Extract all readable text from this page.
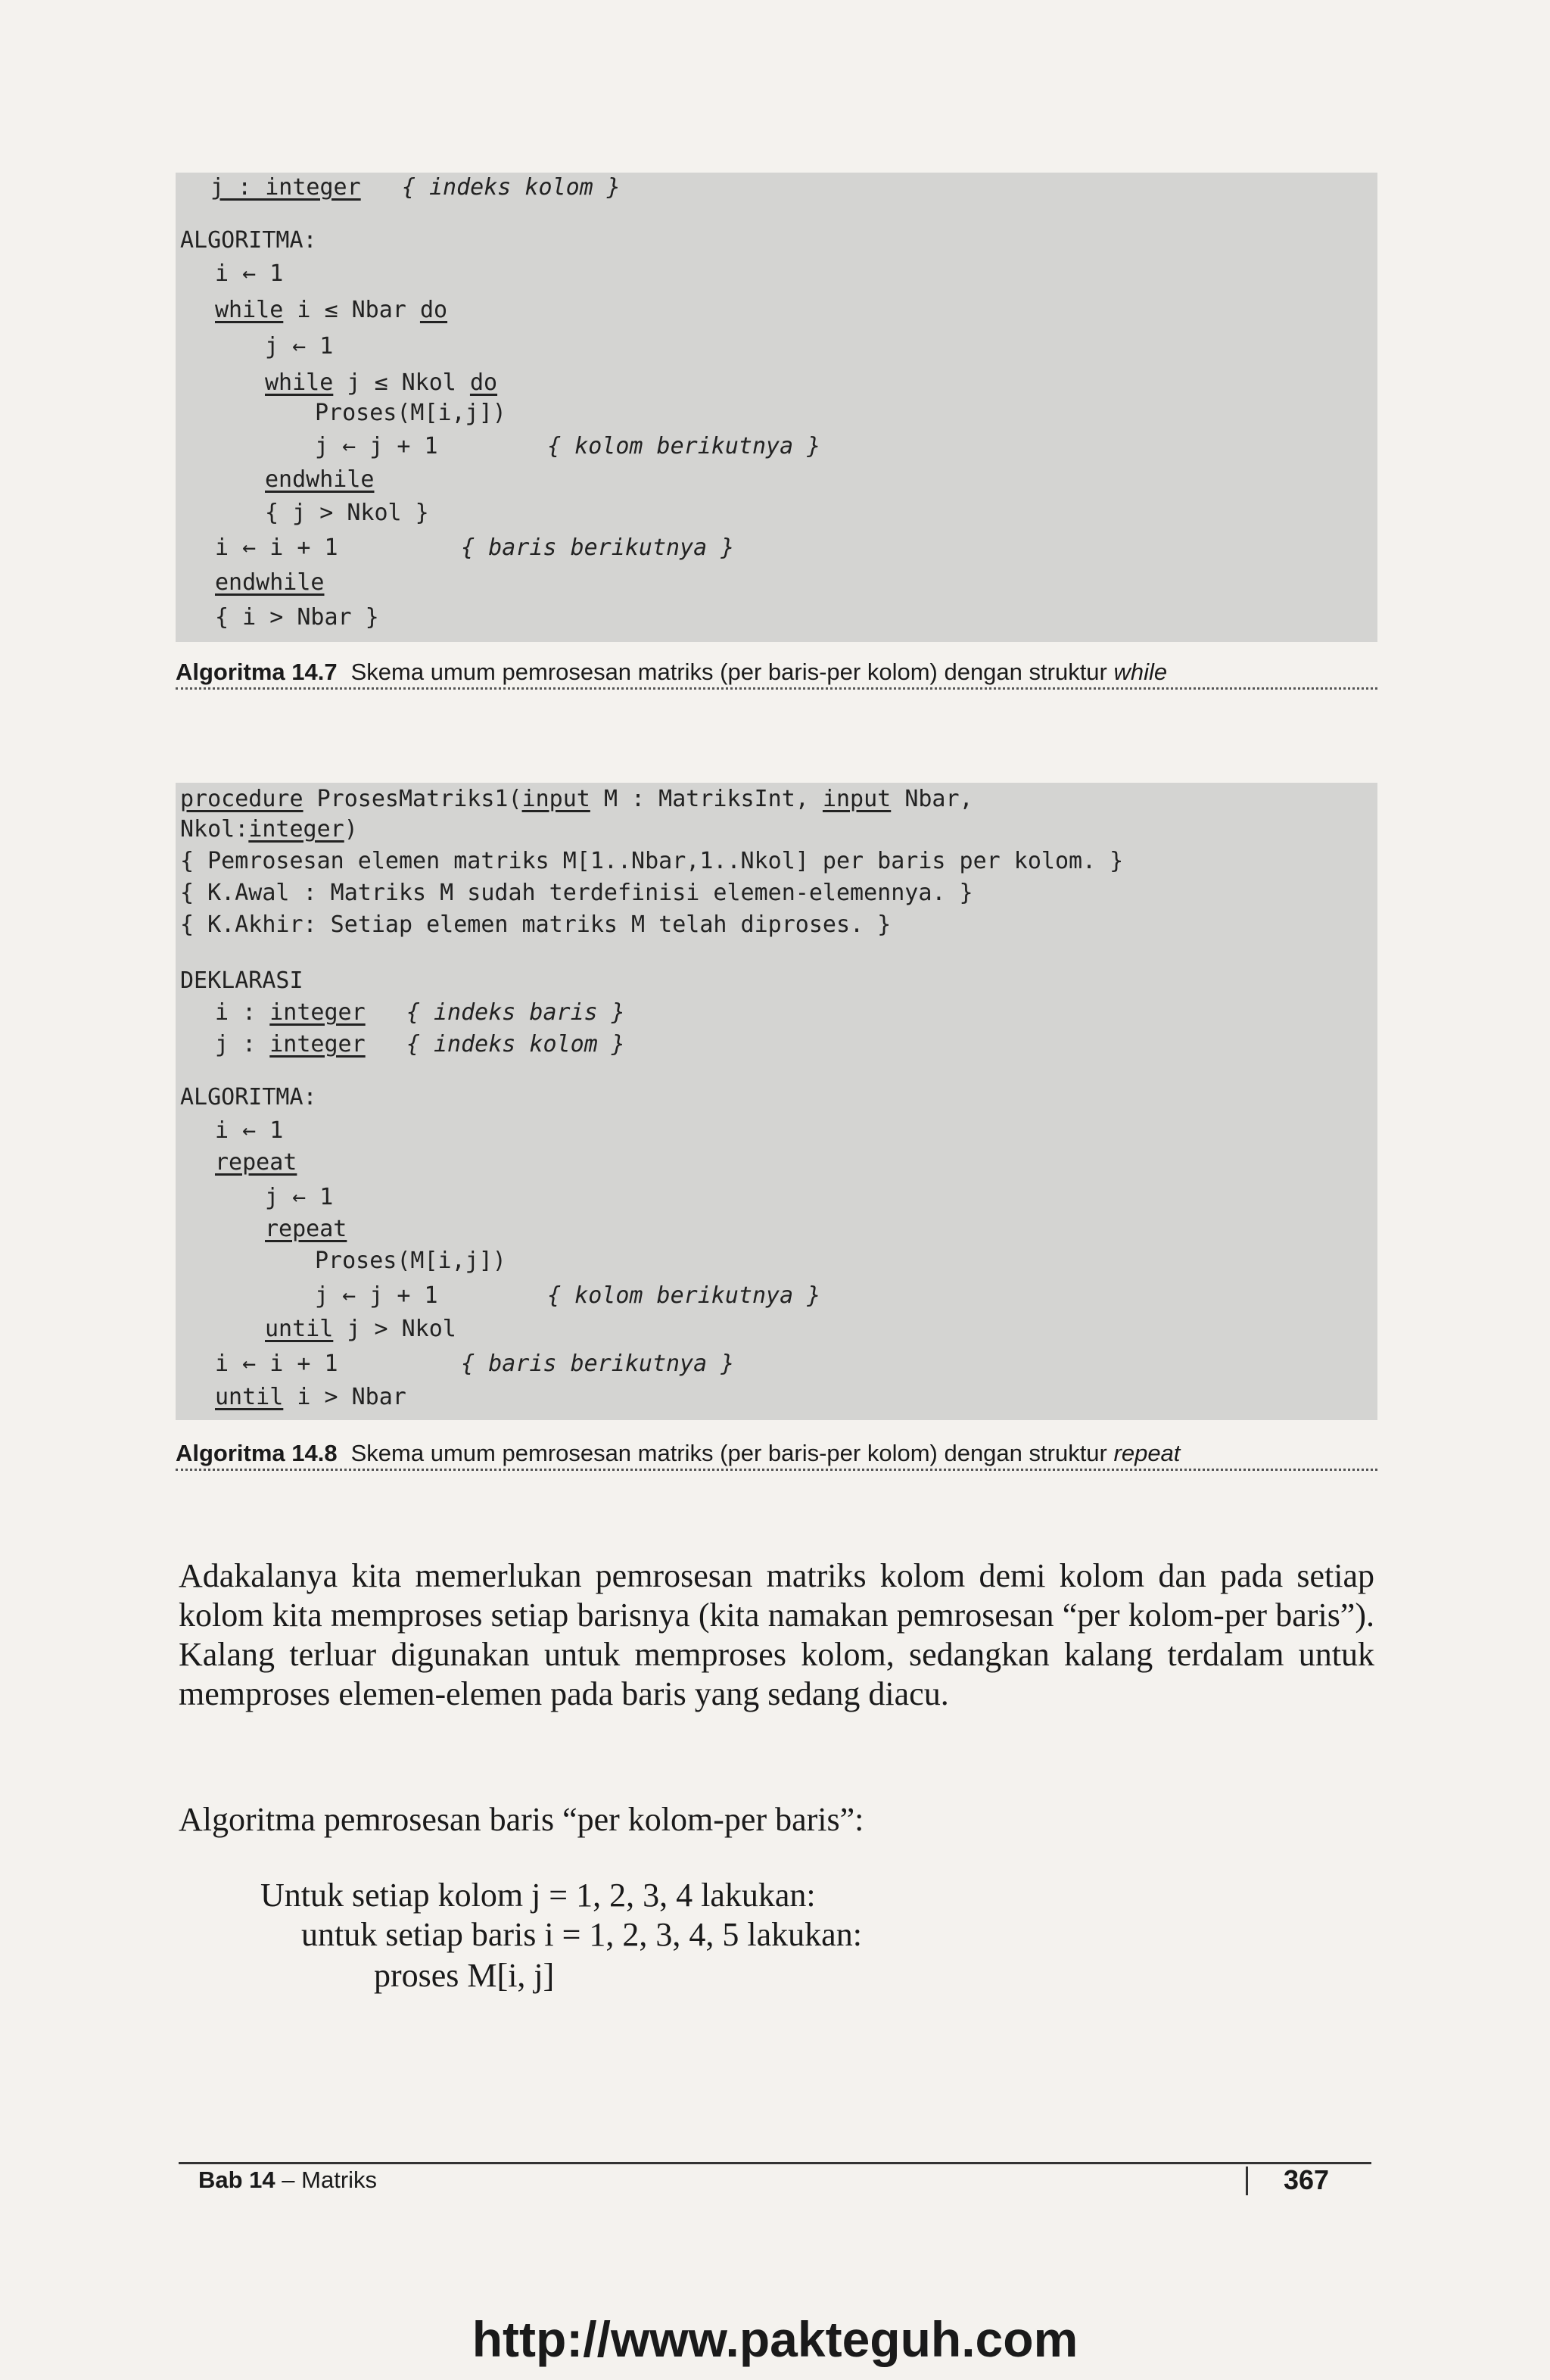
j : integer { indeks kolom }
ALGORITMA:
i ← 1
while i ≤ Nbar do
j ← 1
while j ≤ Nkol do
Proses(M[i,j])
j ← j + 1	{ kolom berikutnya }
endwhile
{ j > Nkol }
i ← i + 1	{ baris berikutnya }
endwhile
{ i > Nbar }
Algoritma 14.7 Skema umum pemrosesan matriks (per baris-per kolom) dengan struktur while
procedure ProsesMatriks1(input M : MatriksInt, input Nbar,
Nkol:integer)
{ Pemrosesan elemen matriks M[1..Nbar,1..Nkol] per baris per kolom. }
{ K.Awal : Matriks M sudah terdefinisi elemen-elemennya. }
{ K.Akhir: Setiap elemen matriks M telah diproses. }
DEKLARASI
i : integer { indeks baris }
j : integer { indeks kolom }
ALGORITMA:
i ← 1
repeat
j ← 1
repeat
Proses(M[i,j])
j ← j + 1	{ kolom berikutnya }
until j > Nkol
i ← i + 1	{ baris berikutnya }
until i > Nbar
Algoritma 14.8 Skema umum pemrosesan matriks (per baris-per kolom) dengan struktur repeat

Adakalanya kita memerlukan pemrosesan matriks kolom demi kolom dan pada setiap kolom kita memproses setiap barisnya (kita namakan pemrosesan “per kolom-per baris”). Kalang terluar digunakan untuk memproses kolom, sedangkan kalang terdalam untuk memproses elemen-elemen pada baris yang sedang diacu.

Algoritma pemrosesan baris “per kolom-per baris”:

Untuk setiap kolom j = 1, 2, 3, 4 lakukan:
untuk setiap baris i = 1, 2, 3, 4, 5 lakukan:
proses M[i, j]
Bab 14 – Matriks	367
http://www.pakteguh.com
